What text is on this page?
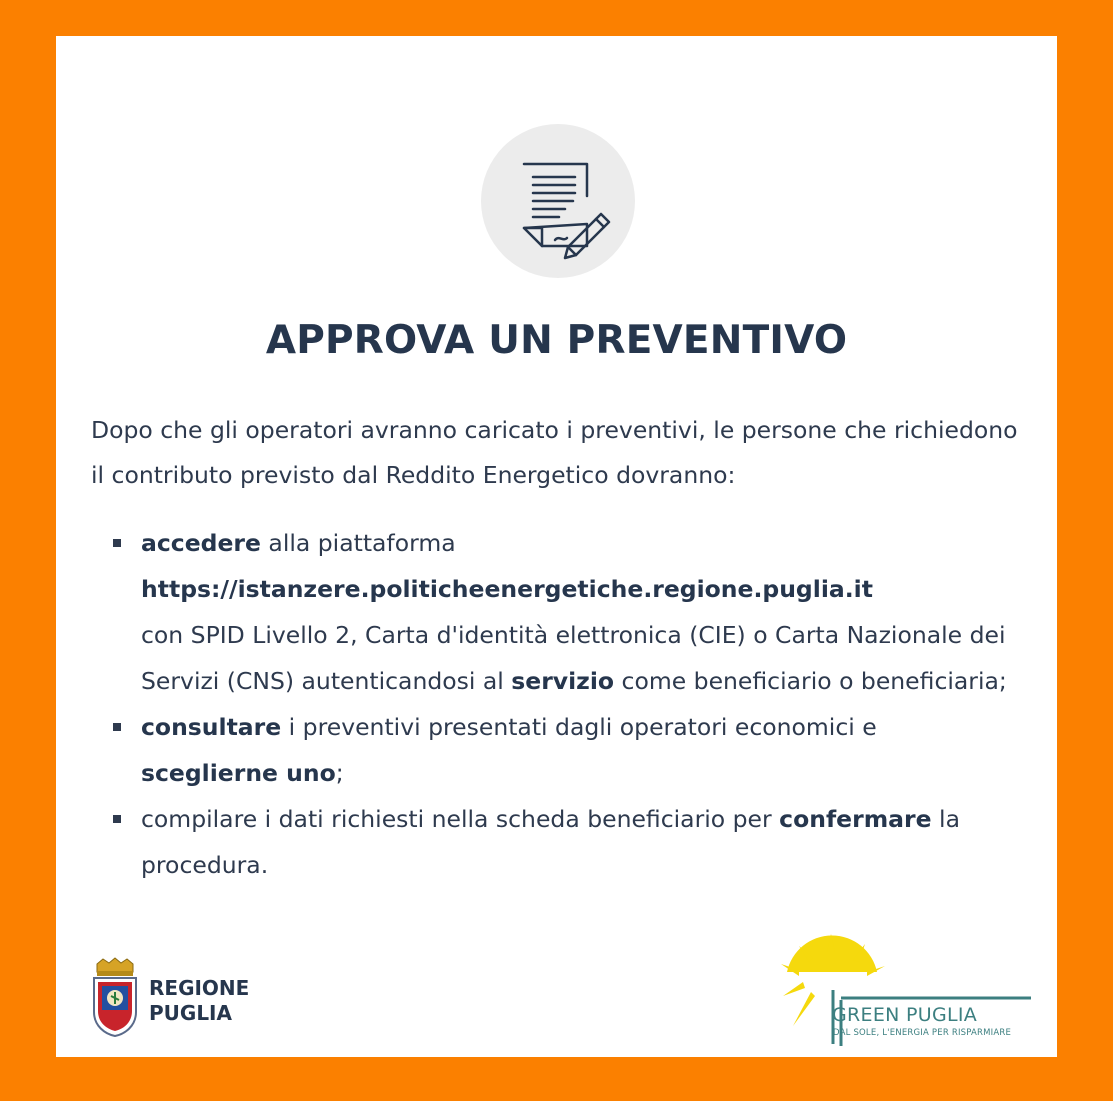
APPROVA UN PREVENTIVO

Dopo che gli operatori avranno caricato i preventivi, le persone che richiedono il contributo previsto dal Reddito Energetico dovranno:

accedere alla piattaforma
https://istanzere.politicheenergetiche.regione.puglia.it
con SPID Livello 2, Carta d'identità elettronica (CIE) o Carta Nazionale dei Servizi (CNS) autenticandosi al servizio come beneficiario o beneficiaria;
consultare i preventivi presentati dagli operatori economici e sceglierne uno;
compilare i dati richiesti nella scheda beneficiario per confermare la procedura.
REGIONE
PUGLIA	GREEN PUGLIA
DAL SOLE, L'ENERGIA PER RISPARMIARE
